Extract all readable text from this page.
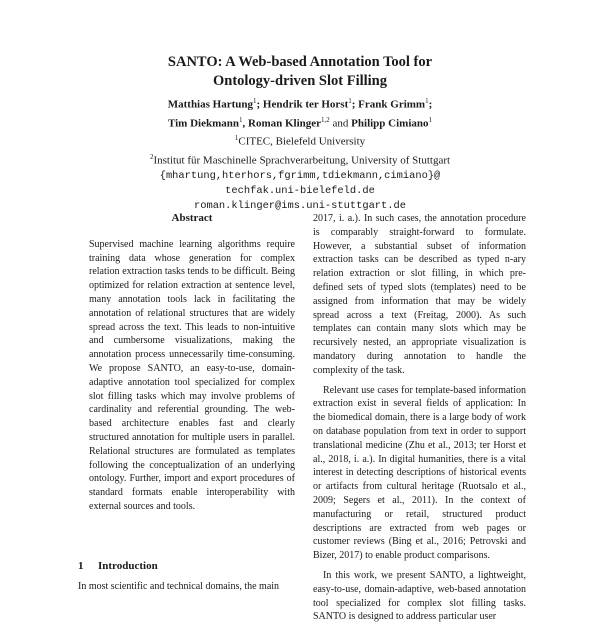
SANTO: A Web-based Annotation Tool for
Ontology-driven Slot Filling
Matthias Hartung$^1$; Hendrik ter Horst$^1$; Frank Grimm$^1$;
Tim Diekmann$^1$, Roman Klinger$^{1,2}$ and Philipp Cimiano$^1$
$^1$CITEC, Bielefeld University
$^2$Institut für Maschinelle Sprachverarbeitung, University of Stuttgart
{mhartung,hterhors,fgrimm,tdiekmann,cimiano}@
techfak.uni-bielefeld.de
roman.klinger@ims.uni-stuttgart.de
Abstract

Supervised machine learning algorithms require training data whose generation for complex relation extraction tasks tends to be difficult. Being optimized for relation extraction at sentence level, many annotation tools lack in facilitating the annotation of relational structures that are widely spread across the text. This leads to non-intuitive and cumbersome visualizations, making the annotation process unnecessarily time-consuming. We propose SANTO, an easy-to-use, domain-adaptive annotation tool specialized for complex slot filling tasks which may involve problems of cardinality and referential grounding. The web-based architecture enables fast and clearly structured annotation for multiple users in parallel. Relational structures are formulated as templates following the conceptualization of an underlying ontology. Further, import and export procedures of standard formats enable interoperability with external sources and tools.

1 Introduction
In most scientific and technical domains, the main

2017, i. a.). In such cases, the annotation procedure is comparably straight-forward to formulate. However, a substantial subset of information extraction tasks can be described as typed n-ary relation extraction or slot filling, in which pre-defined sets of typed slots (templates) need to be assigned from information that may be widely spread across a text (Freitag, 2000). As such templates can contain many slots which may be recursively nested, an appropriate visualization is mandatory during annotation to handle the complexity of the task.

Relevant use cases for template-based information extraction exist in several fields of application: In the biomedical domain, there is a large body of work on database population from text in order to support translational medicine (Zhu et al., 2013; ter Horst et al., 2018, i. a.). In digital humanities, there is a vital interest in detecting descriptions of historical events or artifacts from cultural heritage (Ruotsalo et al., 2009; Segers et al., 2011). In the context of manufacturing or retail, structured product descriptions are extracted from web pages or customer reviews (Bing et al., 2016; Petrovski and Bizer, 2017) to enable product comparisons.

In this work, we present SANTO, a lightweight, easy-to-use, domain-adaptive, web-based annotation tool specialized for complex slot filling tasks. SANTO is designed to address particular user
